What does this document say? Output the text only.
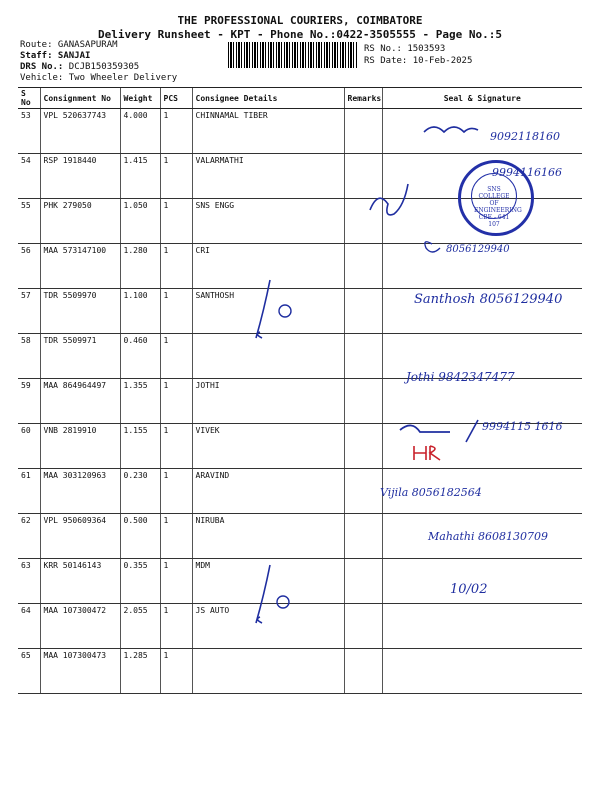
THE PROFESSIONAL COURIERS, COIMBATORE
Delivery Runsheet - KPT - Phone No.:0422-3505555 - Page No.:5
Route: GANASAPURAM
Staff: SANJAI
DRS No.: DCJB150359305
Vehicle: Two Wheeler Delivery
RS No.: 1503593
RS Date: 10-Feb-2025
S No	Consignment No	Weight	PCS	Consignee Details	Remarks	Seal & Signature
53	VPL 520637743	4.000	1	CHINNAMAL TIBER		
54	RSP 1918440	1.415	1	VALARMATHI		
55	PHK 279050	1.050	1	SNS ENGG		
56	MAA 573147100	1.280	1	CRI		
57	TDR 5509970	1.100	1	SANTHOSH		
58	TDR 5509971	0.460	1			
59	MAA 864964497	1.355	1	JOTHI		
60	VNB 2819910	1.155	1	VIVEK		
61	MAA 303120963	0.230	1	ARAVIND		
62	VPL 950609364	0.500	1	NIRUBA		
63	KRR 50146143	0.355	1	MDM		
64	MAA 107300472	2.055	1	JS AUTO		
65	MAA 107300473	1.285	1			
SNS COLLEGE OF ENGINEERING CBE - 641 107
9092118160
9994116166
8056129940
Santhosh 8056129940
Jothi 9842347477
9994115 1616
Vijila 8056182564
Mahathi 8608130709
10/02
